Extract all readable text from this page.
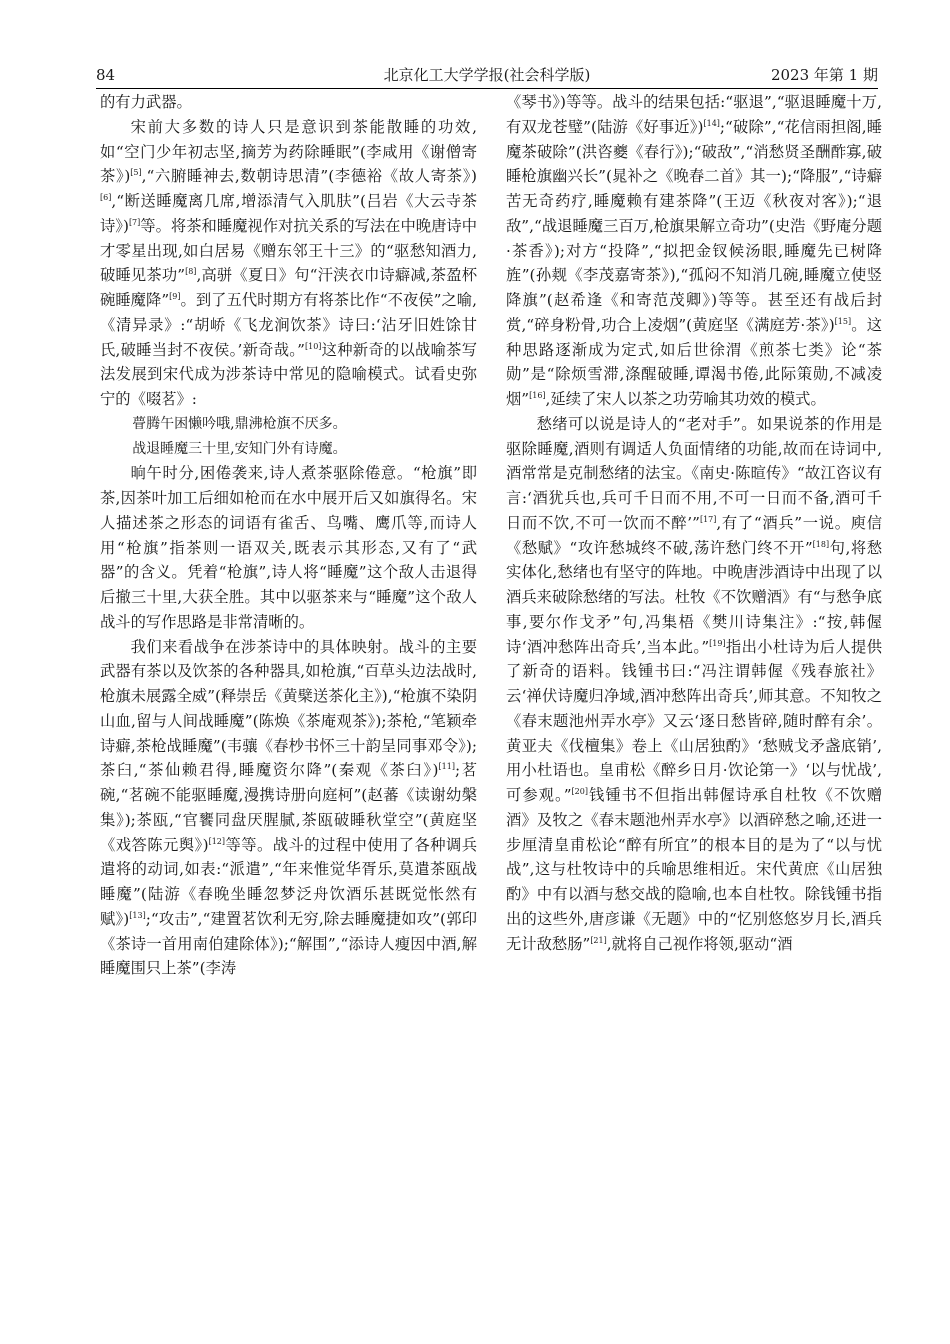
84	北京化工大学学报(社会科学版)	2023 年第 1 期

的有力武器。

宋前大多数的诗人只是意识到茶能散睡的功效,如“空门少年初志坚,摘芳为药除睡眠”(李咸用《谢僧寄茶》)[5],“六腑睡神去,数朝诗思清”(李德裕《故人寄茶》)[6],“断送睡魔离几席,增添清气入肌肤”(吕岩《大云寺茶诗》)[7]等。将茶和睡魔视作对抗关系的写法在中晚唐诗中才零星出现,如白居易《赠东邻王十三》的“驱愁知酒力,破睡见茶功”[8],高骈《夏日》句“汗浃衣巾诗癖减,茶盈杯碗睡魔降”[9]。到了五代时期方有将茶比作“不夜侯”之喻,《清异录》:“胡峤《飞龙涧饮茶》诗曰:‘沾牙旧姓馀甘氏,破睡当封不夜侯。’新奇哉。”[10]这种新奇的以战喻茶写法发展到宋代成为涉茶诗中常见的隐喻模式。试看史弥宁的《啜茗》:

瞢腾午困懒吟哦,鼎沸枪旗不厌多。

战退睡魔三十里,安知门外有诗魔。

晌午时分,困倦袭来,诗人煮茶驱除倦意。“枪旗”即茶,因茶叶加工后细如枪而在水中展开后又如旗得名。宋人描述茶之形态的词语有雀舌、鸟嘴、鹰爪等,而诗人用“枪旗”指茶则一语双关,既表示其形态,又有了“武器”的含义。凭着“枪旗”,诗人将“睡魔”这个敌人击退得后撤三十里,大获全胜。其中以驱茶来与“睡魔”这个敌人战斗的写作思路是非常清晰的。

我们来看战争在涉茶诗中的具体映射。战斗的主要武器有茶以及饮茶的各种器具,如枪旗,“百草头边法战时,枪旗未展露全威”(释崇岳《黄檗送茶化主》),“枪旗不染阴山血,留与人间战睡魔”(陈焕《茶庵观茶》);茶枪,“笔颖牵诗癖,茶枪战睡魔”(韦骧《春杪书怀三十韵呈同事邓令》);茶臼,“茶仙赖君得,睡魔资尔降”(秦观《茶臼》)[11];茗碗,“茗碗不能驱睡魔,漫携诗册向庭柯”(赵蕃《读谢幼槃集》);茶瓯,“官饔同盘厌腥腻,茶瓯破睡秋堂空”(黄庭坚《戏答陈元舆》)[12]等等。战斗的过程中使用了各种调兵遣将的动词,如表:“派遣”,“年来惟觉华胥乐,莫遣茶瓯战睡魔”(陆游《春晚坐睡忽梦泛舟饮酒乐甚既觉怅然有赋》)[13];“攻击”,“建置茗饮利无穷,除去睡魔捷如攻”(郭印《茶诗一首用南伯建除体》);“解围”,“添诗人瘦因中酒,解睡魔围只上茶”(李涛

《琴书》)等等。战斗的结果包括:“驱退”,“驱退睡魔十万,有双龙苍璧”(陆游《好事近》)[14];“破除”,“花信雨担阁,睡魔茶破除”(洪咨夔《春行》);“破敌”,“消愁贤圣酬酢寡,破睡枪旗幽兴长”(晁补之《晚春二首》其一);“降服”,“诗癖苦无奇药疗,睡魔赖有建茶降”(王迈《秋夜对客》);“退敌”,“战退睡魔三百万,枪旗果解立奇功”(史浩《野庵分题·茶香》);对方“投降”,“拟把金钗候汤眼,睡魔先已树降旌”(孙觌《李茂嘉寄茶》),“孤闷不知消几碗,睡魔立使竖降旗”(赵希逢《和寄范茂卿》)等等。甚至还有战后封赏,“碎身粉骨,功合上凌烟”(黄庭坚《满庭芳·茶》)[15]。这种思路逐渐成为定式,如后世徐渭《煎茶七类》论“茶勋”是“除烦雪滞,涤醒破睡,谭渴书倦,此际策勋,不减凌烟”[16],延续了宋人以茶之功劳喻其功效的模式。

愁绪可以说是诗人的“老对手”。如果说茶的作用是驱除睡魔,酒则有调适人负面情绪的功能,故而在诗词中,酒常常是克制愁绪的法宝。《南史·陈暄传》“故江咨议有言:‘酒犹兵也,兵可千日而不用,不可一日而不备,酒可千日而不饮,不可一饮而不醉’”[17],有了“酒兵”一说。庾信《愁赋》“攻许愁城终不破,荡许愁门终不开”[18]句,将愁实体化,愁绪也有坚守的阵地。中晚唐涉酒诗中出现了以酒兵来破除愁绪的写法。杜牧《不饮赠酒》有“与愁争底事,要尔作戈矛”句,冯集梧《樊川诗集注》:“按,韩偓诗‘酒冲愁阵出奇兵’,当本此。”[19]指出小杜诗为后人提供了新奇的语料。钱锺书曰:“冯注谓韩偓《残春旅社》云‘禅伏诗魔归净域,酒冲愁阵出奇兵’,师其意。不知牧之《春末题池州弄水亭》又云‘逐日愁皆碎,随时醉有余’。黄亚夫《伐檀集》卷上《山居独酌》‘愁贼戈矛盏底销’,用小杜语也。皇甫松《醉乡日月·饮论第一》‘以与忧战’,可参观。”[20]钱锺书不但指出韩偓诗承自杜牧《不饮赠酒》及牧之《春末题池州弄水亭》以酒碎愁之喻,还进一步厘清皇甫松论“醉有所宜”的根本目的是为了“以与忧战”,这与杜牧诗中的兵喻思维相近。宋代黄庶《山居独酌》中有以酒与愁交战的隐喻,也本自杜牧。除钱锺书指出的这些外,唐彦谦《无题》中的“忆别悠悠岁月长,酒兵无计敌愁肠”[21],就将自己视作将领,驱动“酒
